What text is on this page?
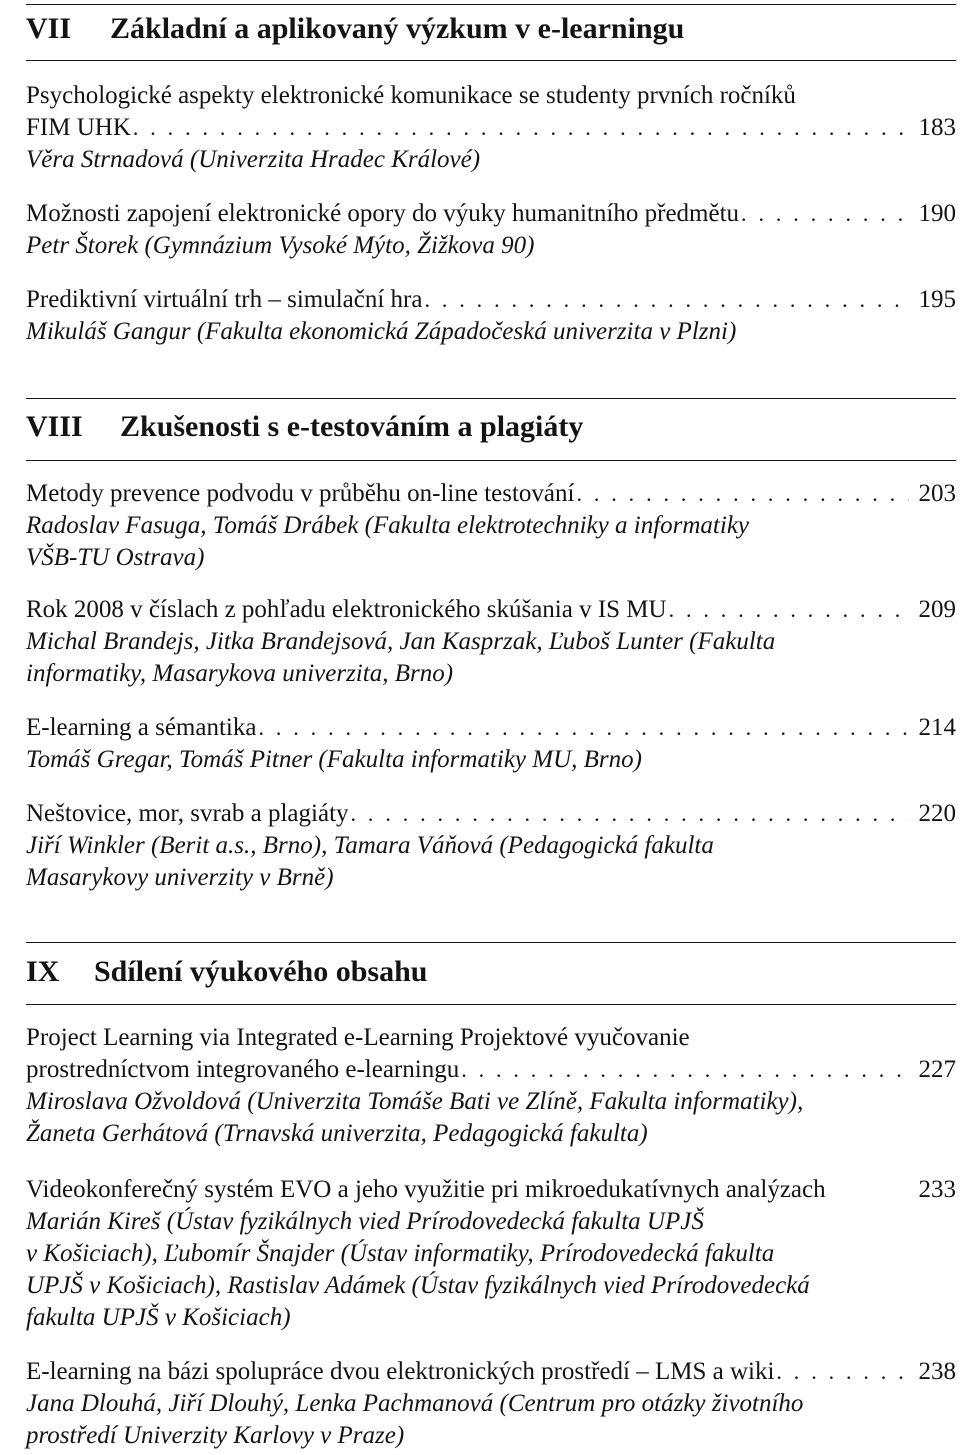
VII Základní a aplikovaný výzkum v e-learningu
Psychologické aspekty elektronické komunikace se studenty prvních ročníků
FIM UHK . . .	183
Věra Strnadová (Univerzita Hradec Králové)
Možnosti zapojení elektronické opory do výuky humanitního předmětu . . .	190
Petr Štorek (Gymnázium Vysoké Mýto, Žižkova 90)
Prediktivní virtuální trh – simulační hra . . .	195
Mikuláš Gangur (Fakulta ekonomická Západočeská univerzita v Plzni)
VIII Zkušenosti s e-testováním a plagiáty
Metody prevence podvodu v průběhu on-line testování . . .	203
Radoslav Fasuga, Tomáš Drábek (Fakulta elektrotechniky a informatiky
VŠB-TU Ostrava)
Rok 2008 v číslach z pohľadu elektronického skúšania v IS MU . . .	209
Michal Brandejs, Jitka Brandejsová, Jan Kasprzak, Ľuboš Lunter (Fakulta
informatiky, Masarykova univerzita, Brno)
E-learning a sémantika . . .	214
Tomáš Gregar, Tomáš Pitner (Fakulta informatiky MU, Brno)
Neštovice, mor, svrab a plagiáty . . .	220
Jiří Winkler (Berit a.s., Brno), Tamara Váňová (Pedagogická fakulta
Masarykovy univerzity v Brně)
IX Sdílení výukového obsahu
Project Learning via Integrated e-Learning Projektové vyučovanie
prostredníctvom integrovaného e-learningu . . .	227
Miroslava Ožvoldová (Univerzita Tomáše Bati ve Zlíně, Fakulta informatiky),
Žaneta Gerhátová (Trnavská univerzita, Pedagogická fakulta)
Videokonferečný systém EVO a jeho využitie pri mikroedukatívnych analýzach	233
Marián Kireš (Ústav fyzikálnych vied Prírodovedecká fakulta UPJŠ
v Košiciach), Ľubomír Šnajder (Ústav informatiky, Prírodovedecká fakulta
UPJŠ v Košiciach), Rastislav Adámek (Ústav fyzikálnych vied Prírodovedecká
fakulta UPJŠ v Košiciach)
E-learning na bázi spolupráce dvou elektronických prostředí – LMS a wiki . . .	238
Jana Dlouhá, Jiří Dlouhý, Lenka Pachmanová (Centrum pro otázky životního
prostředí Univerzity Karlovy v Praze)
